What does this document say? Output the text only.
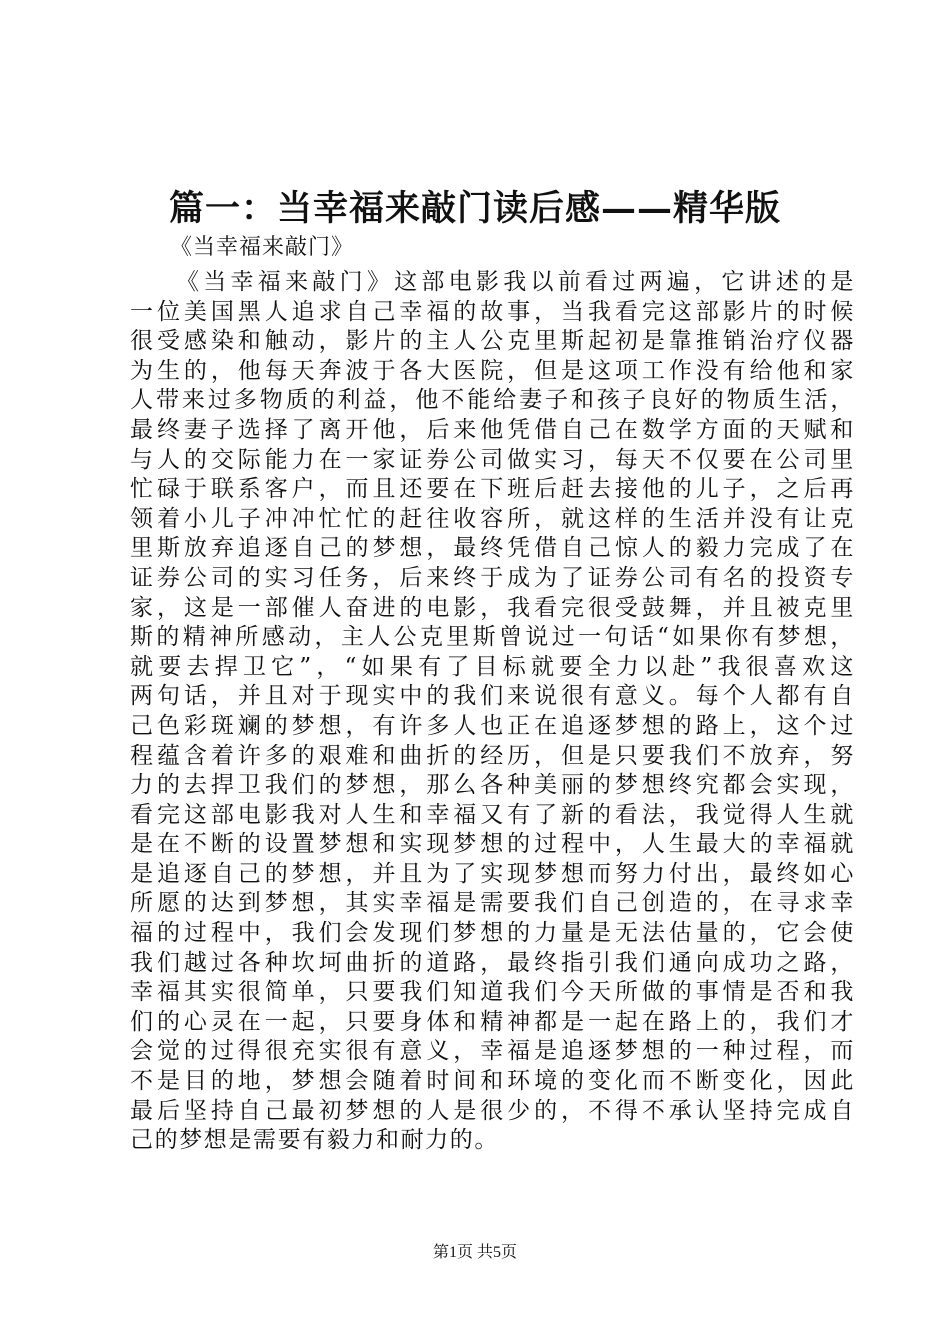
篇一：当幸福来敲门读后感——精华版
《当幸福来敲门》
《当幸福来敲门》这部电影我以前看过两遍，它讲述的是
一位美国黑人追求自己幸福的故事，当我看完这部影片的时候
很受感染和触动，影片的主人公克里斯起初是靠推销治疗仪器
为生的，他每天奔波于各大医院，但是这项工作没有给他和家
人带来过多物质的利益，他不能给妻子和孩子良好的物质生活，
最终妻子选择了离开他，后来他凭借自己在数学方面的天赋和
与人的交际能力在一家证券公司做实习，每天不仅要在公司里
忙碌于联系客户，而且还要在下班后赶去接他的儿子，之后再
领着小儿子冲冲忙忙的赶往收容所，就这样的生活并没有让克
里斯放弃追逐自己的梦想，最终凭借自己惊人的毅力完成了在
证券公司的实习任务，后来终于成为了证券公司有名的投资专
家，这是一部催人奋进的电影，我看完很受鼓舞，并且被克里
斯的精神所感动，主人公克里斯曾说过一句话“如果你有梦想，
就要去捍卫它”，“如果有了目标就要全力以赴”我很喜欢这
两句话，并且对于现实中的我们来说很有意义。每个人都有自
己色彩斑斓的梦想，有许多人也正在追逐梦想的路上，这个过
程蕴含着许多的艰难和曲折的经历，但是只要我们不放弃，努
力的去捍卫我们的梦想，那么各种美丽的梦想终究都会实现，
看完这部电影我对人生和幸福又有了新的看法，我觉得人生就
是在不断的设置梦想和实现梦想的过程中，人生最大的幸福就
是追逐自己的梦想，并且为了实现梦想而努力付出，最终如心
所愿的达到梦想，其实幸福是需要我们自己创造的，在寻求幸
福的过程中，我们会发现们梦想的力量是无法估量的，它会使
我们越过各种坎坷曲折的道路，最终指引我们通向成功之路，
幸福其实很简单，只要我们知道我们今天所做的事情是否和我
们的心灵在一起，只要身体和精神都是一起在路上的，我们才
会觉的过得很充实很有意义，幸福是追逐梦想的一种过程，而
不是目的地，梦想会随着时间和环境的变化而不断变化，因此
最后坚持自己最初梦想的人是很少的，不得不承认坚持完成自
己的梦想是需要有毅力和耐力的。
第1页 共5页
